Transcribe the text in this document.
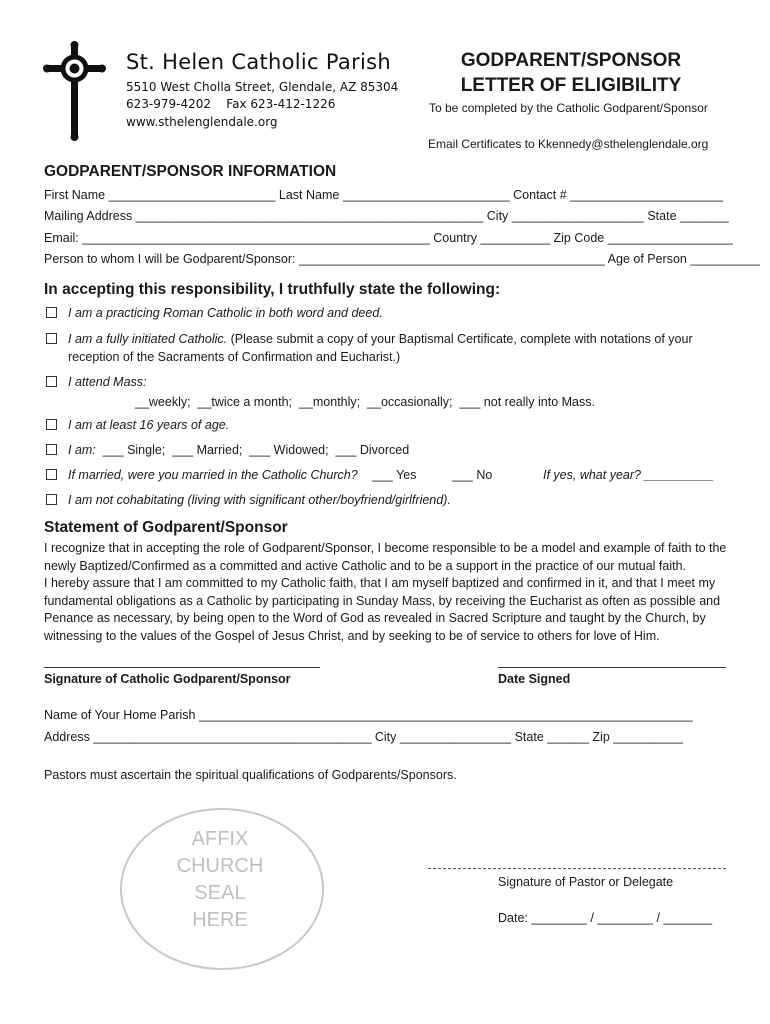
St. Helen Catholic Parish
5510 West Cholla Street, Glendale, AZ 85304
623-979-4202    Fax 623-412-1226
www.sthelenglendale.org
GODPARENT/SPONSOR
LETTER OF ELIGIBILITY
To be completed by the Catholic Godparent/Sponsor
Email Certificates to Kkennedy@sthelenglendale.org
GODPARENT/SPONSOR INFORMATION
First Name ________________________ Last Name ________________________ Contact # ______________________
Mailing Address __________________________________________________ City ___________________ State _______
Email: __________________________________________________ Country __________ Zip Code __________________
Person to whom I will be Godparent/Sponsor: ____________________________________________ Age of Person __________
In accepting this responsibility, I truthfully state the following:
I am a practicing Roman Catholic in both word and deed.
I am a fully initiated Catholic. (Please submit a copy of your Baptismal Certificate, complete with notations of your
reception of the Sacraments of Confirmation and Eucharist.)
I attend Mass:
__weekly;  __twice a month;  __monthly;  __occasionally;  ___ not really into Mass.
I am at least 16 years of age.
I am:  ___ Single;  ___ Married;  ___ Widowed;  ___ Divorced
If married, were you married in the Catholic Church? ___ Yes	___ No	If yes, what year? __________
I am not cohabitating (living with significant other/boyfriend/girlfriend).
Statement of Godparent/Sponsor
I recognize that in accepting the role of Godparent/Sponsor, I become responsible to be a model and example of faith to the newly Baptized/Confirmed as a committed and active Catholic and to be a support in the practice of our mutual faith.
I hereby assure that I am committed to my Catholic faith, that I am myself baptized and confirmed in it, and that I meet my fundamental obligations as a Catholic by participating in Sunday Mass, by receiving the Eucharist as often as possible and Penance as necessary, by being open to the Word of God as revealed in Sacred Scripture and taught by the Church, by witnessing to the values of the Gospel of Jesus Christ, and by seeking to be of service to others for love of Him.
Signature of Catholic Godparent/Sponsor	Date Signed
Name of Your Home Parish _______________________________________________________________________
Address ________________________________________ City ________________ State ______ Zip __________
Pastors must ascertain the spiritual qualifications of Godparents/Sponsors.
AFFIX
CHURCH
SEAL
HERE
Signature of Pastor or Delegate
Date: ________ / ________ / _______
